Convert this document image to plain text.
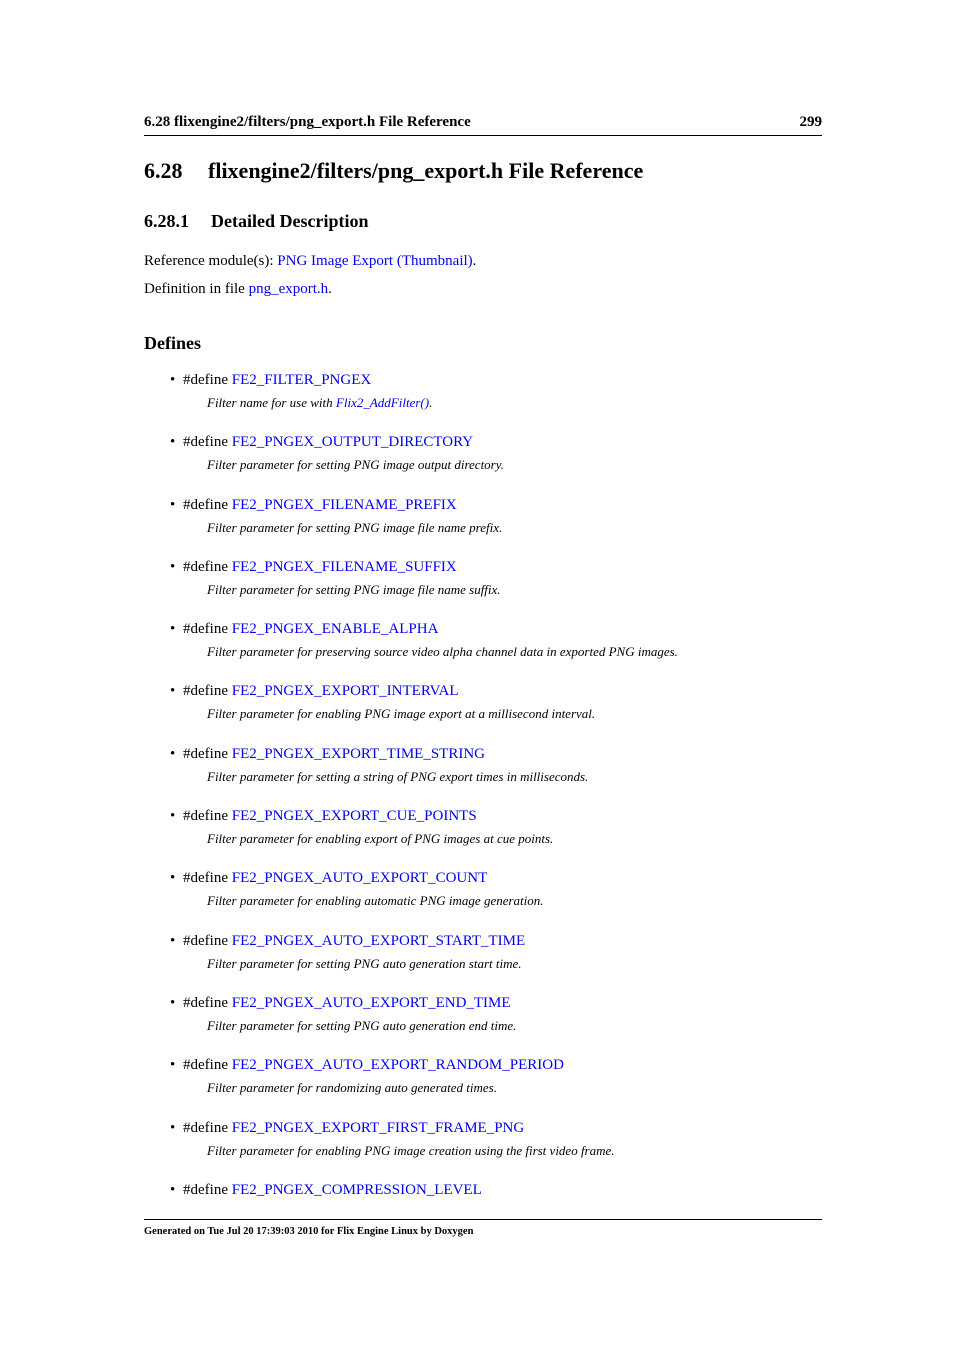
6.28 flixengine2/filters/png_export.h File Reference	299
6.28 flixengine2/filters/png_export.h File Reference
6.28.1 Detailed Description

Reference module(s): PNG Image Export (Thumbnail).

Definition in file png_export.h.

Defines
• #define FE2_FILTER_PNGEX
Filter name for use with Flix2_AddFilter().
• #define FE2_PNGEX_OUTPUT_DIRECTORY
Filter parameter for setting PNG image output directory.
• #define FE2_PNGEX_FILENAME_PREFIX
Filter parameter for setting PNG image file name prefix.
• #define FE2_PNGEX_FILENAME_SUFFIX
Filter parameter for setting PNG image file name suffix.
• #define FE2_PNGEX_ENABLE_ALPHA
Filter parameter for preserving source video alpha channel data in exported PNG images.
• #define FE2_PNGEX_EXPORT_INTERVAL
Filter parameter for enabling PNG image export at a millisecond interval.
• #define FE2_PNGEX_EXPORT_TIME_STRING
Filter parameter for setting a string of PNG export times in milliseconds.
• #define FE2_PNGEX_EXPORT_CUE_POINTS
Filter parameter for enabling export of PNG images at cue points.
• #define FE2_PNGEX_AUTO_EXPORT_COUNT
Filter parameter for enabling automatic PNG image generation.
• #define FE2_PNGEX_AUTO_EXPORT_START_TIME
Filter parameter for setting PNG auto generation start time.
• #define FE2_PNGEX_AUTO_EXPORT_END_TIME
Filter parameter for setting PNG auto generation end time.
• #define FE2_PNGEX_AUTO_EXPORT_RANDOM_PERIOD
Filter parameter for randomizing auto generated times.
• #define FE2_PNGEX_EXPORT_FIRST_FRAME_PNG
Filter parameter for enabling PNG image creation using the first video frame.
• #define FE2_PNGEX_COMPRESSION_LEVEL
Generated on Tue Jul 20 17:39:03 2010 for Flix Engine Linux by Doxygen
